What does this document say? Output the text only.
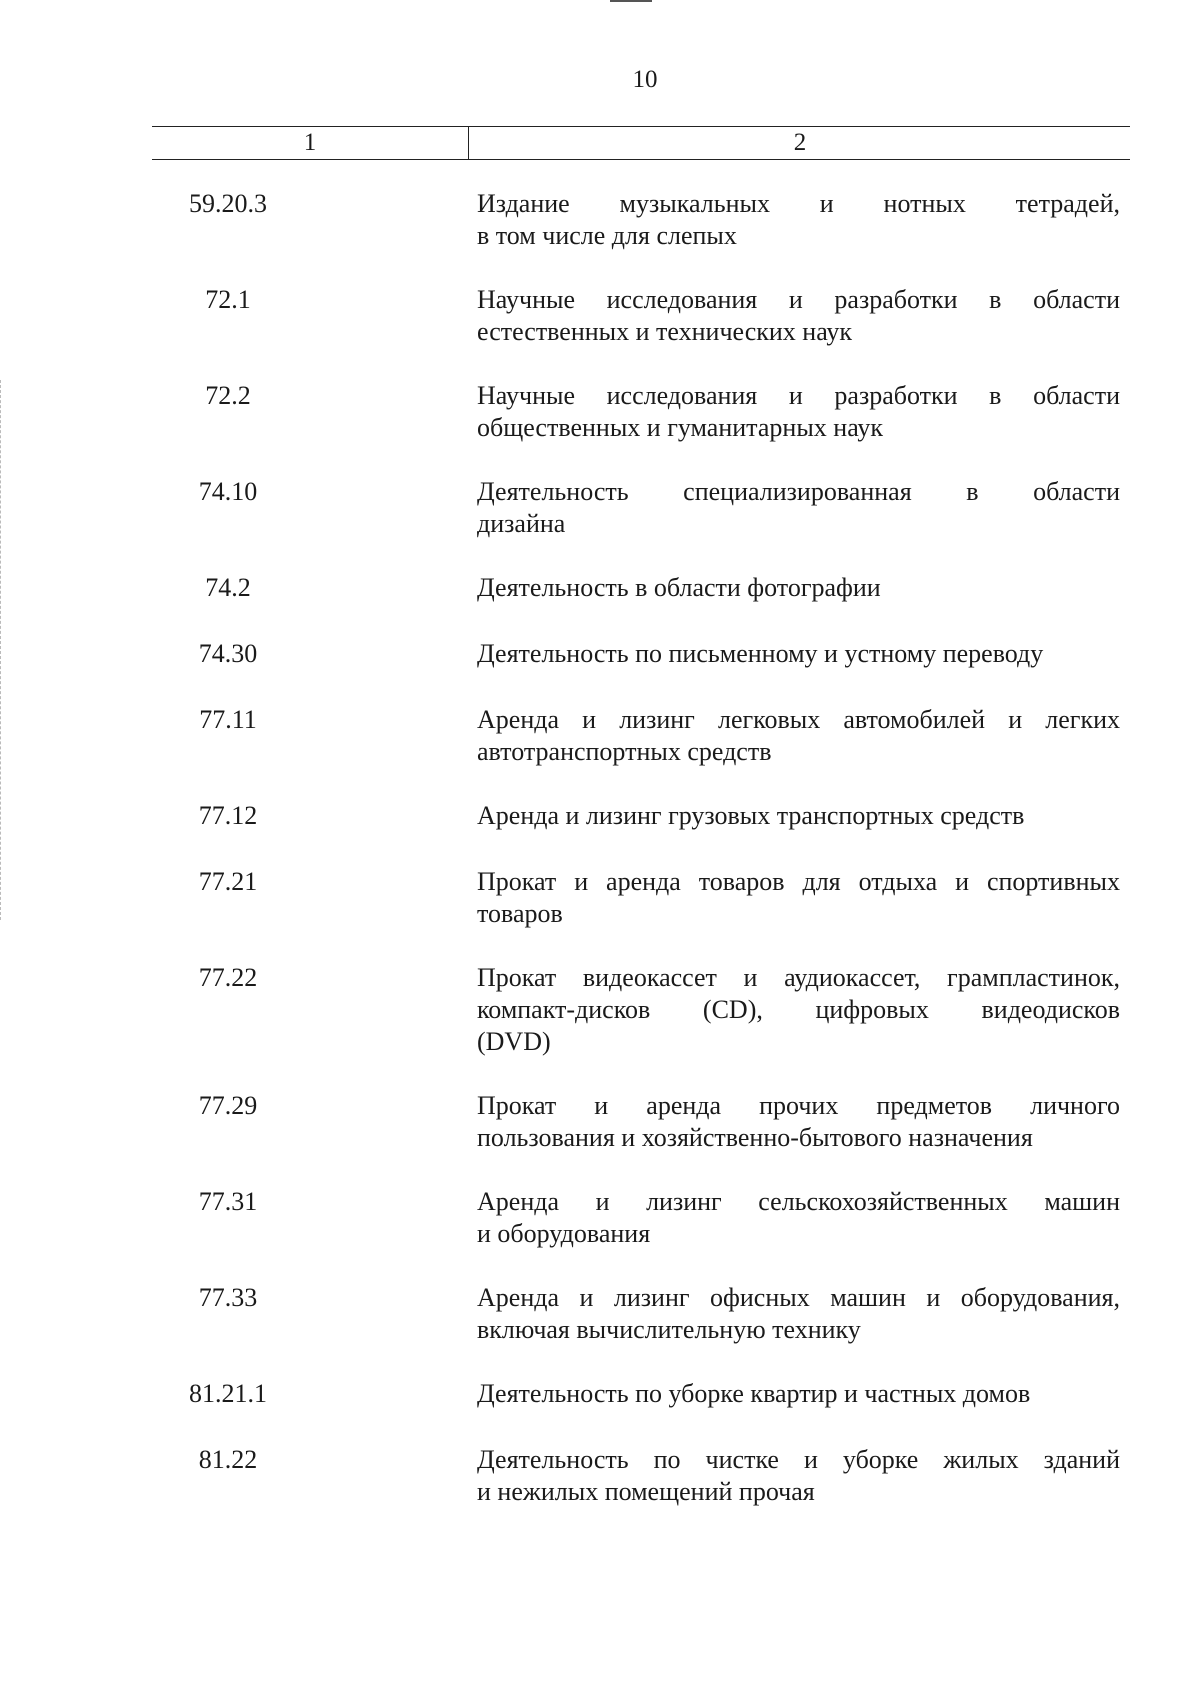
10
1	2
59.20.3	Издание музыкальных и нотных тетрадей,
в том числе для слепых
72.1	Научные исследования и разработки в области
естественных и технических наук
72.2	Научные исследования и разработки в области
общественных и гуманитарных наук
74.10	Деятельность специализированная в области
дизайна
74.2	Деятельность в области фотографии
74.30	Деятельность по письменному и устному переводу
77.11	Аренда и лизинг легковых автомобилей и легких
автотранспортных средств
77.12	Аренда и лизинг грузовых транспортных средств
77.21	Прокат и аренда товаров для отдыха и спортивных
товаров
77.22	Прокат видеокассет и аудиокассет, грампластинок,
компакт-дисков (CD), цифровых видеодисков
(DVD)
77.29	Прокат и аренда прочих предметов личного
пользования и хозяйственно-бытового назначения
77.31	Аренда и лизинг сельскохозяйственных машин
и оборудования
77.33	Аренда и лизинг офисных машин и оборудования,
включая вычислительную технику
81.21.1	Деятельность по уборке квартир и частных домов
81.22	Деятельность по чистке и уборке жилых зданий
и нежилых помещений прочая
